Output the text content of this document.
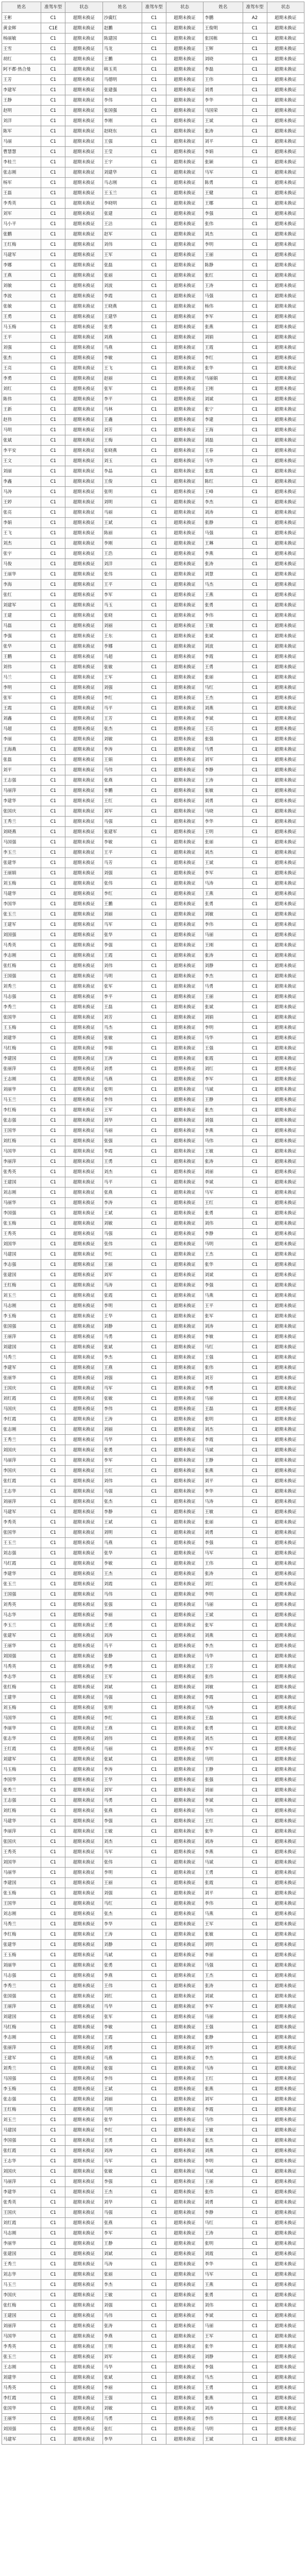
姓名	准驾车型	状态	姓名	准驾车型	状态	姓名	准驾车型	状态
王彬	C1	超期未换证	沙廣红	C1	超期未换证	李鹏	A2	超期未换证
黄金辉	C1E	超期未换证	赵鹏	C1	超期未换证	王俊明	C1	超期未换证
杨丽敏	C1	超期未换证	陈建国	C1	超期未换证	张国栋	C1	超期未换证
王雪	C1	超期未换证	马龙	C1	超期未换证	王辉	C1	超期未换证
胡红	C1	超期未换证	王鹏	C1	超期未换证	刘晓	C1	超期未换证
阿不都·热合曼	C1	超期未换证	韩玉英	C1	超期未换证	李磊	C1	超期未换证
王芳	C1	超期未换证	马德明	C1	超期未换证	王伟	C1	超期未换证
李建军	C1	超期未换证	张建强	C1	超期未换证	刘勇	C1	超期未换证
王静	C1	超期未换证	李伟	C1	超期未换证	李华	C1	超期未换证
赵明	C1	超期未换证	张国强	C1	超期未换证	马国荣	C1	超期未换证
刘洋	C1	超期未换证	李刚	C1	超期未换证	王斌	C1	超期未换证
陈军	C1	超期未换证	赵晓东	C1	超期未换证	张涛	C1	超期未换证
马丽	C1	超期未换证	王强	C1	超期未换证	刘平	C1	超期未换证
曹慧慧	C1	超期未换证	王莹	C1	超期未换证	李娟	C1	超期未换证
李桂兰	C1	超期未换证	王宇	C1	超期未换证	张颖	C1	超期未换证
张志刚	C1	超期未换证	刘建华	C1	超期未换证	马军	C1	超期未换证
杨军	C1	超期未换证	马志刚	C1	超期未换证	陈勇	C1	超期未换证
王磊	C1	超期未换证	王玉兰	C1	超期未换证	王健	C1	超期未换证
李秀英	C1	超期未换证	李晓明	C1	超期未换证	王娜	C1	超期未换证
刘军	C1	超期未换证	张建	C1	超期未换证	李强	C1	超期未换证
马小平	C1	超期未换证	王洁	C1	超期未换证	张伟	C1	超期未换证
张鹏	C1	超期未换证	赵军	C1	超期未换证	刘杰	C1	超期未换证
王红梅	C1	超期未换证	刘伟	C1	超期未换证	李明	C1	超期未换证
马建军	C1	超期未换证	王军	C1	超期未换证	王丽	C1	超期未换证
李娜	C1	超期未换证	张磊	C1	超期未换证	陈静	C1	超期未换证
王燕	C1	超期未换证	张丽	C1	超期未换证	张红	C1	超期未换证
刘敏	C1	超期未换证	刘波	C1	超期未换证	王涛	C1	超期未换证
李波	C1	超期未换证	李霞	C1	超期未换证	马强	C1	超期未换证
张敏	C1	超期未换证	王晓燕	C1	超期未换证	杨伟	C1	超期未换证
王勇	C1	超期未换证	王建华	C1	超期未换证	李军	C1	超期未换证
马玉梅	C1	超期未换证	张勇	C1	超期未换证	张燕	C1	超期未换证
王平	C1	超期未换证	刘燕	C1	超期未换证	刘娟	C1	超期未换证
刘强	C1	超期未换证	马燕	C1	超期未换证	王霞	C1	超期未换证
张杰	C1	超期未换证	李敏	C1	超期未换证	李红	C1	超期未换证
王亮	C1	超期未换证	王飞	C1	超期未换证	张华	C1	超期未换证
李勇	C1	超期未换证	赵丽	C1	超期未换证	马丽娟	C1	超期未换证
刘红	C1	超期未换证	张军	C1	超期未换证	王刚	C1	超期未换证
陈伟	C1	超期未换证	李平	C1	超期未换证	刘斌	C1	超期未换证
王新	C1	超期未换证	马林	C1	超期未换证	张宁	C1	超期未换证
赵伟	C1	超期未换证	王鑫	C1	超期未换证	李建	C1	超期未换证
马明	C1	超期未换证	刘芳	C1	超期未换证	王海	C1	超期未换证
张斌	C1	超期未换证	王梅	C1	超期未换证	刘磊	C1	超期未换证
李平安	C1	超期未换证	张晓燕	C1	超期未换证	王春	C1	超期未换证
王文	C1	超期未换证	刘玉	C1	超期未换证	马华	C1	超期未换证
刘丽	C1	超期未换证	李晶	C1	超期未换证	张霞	C1	超期未换证
李鑫	C1	超期未换证	王俊	C1	超期未换证	陈红	C1	超期未换证
马涛	C1	超期未换证	张明	C1	超期未换证	王峰	C1	超期未换证
王婷	C1	超期未换证	刘明	C1	超期未换证	李杰	C1	超期未换证
张亮	C1	超期未换证	马丽	C1	超期未换证	刘涛	C1	超期未换证
李娟	C1	超期未换证	王斌	C1	超期未换证	张静	C1	超期未换证
王飞	C1	超期未换证	陈丽	C1	超期未换证	马强	C1	超期未换证
刘杰	C1	超期未换证	李刚	C1	超期未换证	王琳	C1	超期未换证
张宇	C1	超期未换证	王浩	C1	超期未换证	李燕	C1	超期未换证
马俊	C1	超期未换证	刘洋	C1	超期未换证	张涛	C1	超期未换证
王丽华	C1	超期未换证	张伟	C1	超期未换证	刘慧	C1	超期未换证
李海	C1	超期未换证	王平	C1	超期未换证	马杰	C1	超期未换证
张红	C1	超期未换证	李军	C1	超期未换证	王燕	C1	超期未换证
刘建军	C1	超期未换证	马玉	C1	超期未换证	张勇	C1	超期未换证
王建	C1	超期未换证	张晓	C1	超期未换证	李伟	C1	超期未换证
马磊	C1	超期未换证	刘丽	C1	超期未换证	王敏	C1	超期未换证
李强	C1	超期未换证	王东	C1	超期未换证	张斌	C1	超期未换证
张华	C1	超期未换证	李娜	C1	超期未换证	刘波	C1	超期未换证
王鹏	C1	超期未换证	马超	C1	超期未换证	李霞	C1	超期未换证
刘伟	C1	超期未换证	张敏	C1	超期未换证	王勇	C1	超期未换证
马兰	C1	超期未换证	王军	C1	超期未换证	张丽	C1	超期未换证
李明	C1	超期未换证	刘强	C1	超期未换证	马红	C1	超期未换证
张军	C1	超期未换证	李红	C1	超期未换证	王杰	C1	超期未换证
王霞	C1	超期未换证	马平	C1	超期未换证	刘燕	C1	超期未换证
刘鑫	C1	超期未换证	王芳	C1	超期未换证	李斌	C1	超期未换证
马超	C1	超期未换证	张杰	C1	超期未换证	王亮	C1	超期未换证
李丽	C1	超期未换证	刘敏	C1	超期未换证	张强	C1	超期未换证
王海燕	C1	超期未换证	李涛	C1	超期未换证	马勇	C1	超期未换证
张磊	C1	超期未换证	王娟	C1	超期未换证	刘军	C1	超期未换证
刘平	C1	超期未换证	马伟	C1	超期未换证	李静	C1	超期未换证
王志强	C1	超期未换证	张燕	C1	超期未换证	王涛	C1	超期未换证
马丽萍	C1	超期未换证	李鹏	C1	超期未换证	张敏	C1	超期未换证
李建华	C1	超期未换证	王红	C1	超期未换证	刘勇	C1	超期未换证
张国庆	C1	超期未换证	刘军	C1	超期未换证	马晓	C1	超期未换证
王秀兰	C1	超期未换证	马强	C1	超期未换证	李华	C1	超期未换证
刘晓燕	C1	超期未换证	张建军	C1	超期未换证	王明	C1	超期未换证
马国强	C1	超期未换证	李敏	C1	超期未换证	张丽	C1	超期未换证
李玉兰	C1	超期未换证	王平	C1	超期未换证	刘杰	C1	超期未换证
张建华	C1	超期未换证	马芳	C1	超期未换证	王斌	C1	超期未换证
王丽娟	C1	超期未换证	刘强	C1	超期未换证	李军	C1	超期未换证
刘玉梅	C1	超期未换证	张伟	C1	超期未换证	马涛	C1	超期未换证
马建华	C1	超期未换证	李红	C1	超期未换证	王燕	C1	超期未换证
李国华	C1	超期未换证	王鹏	C1	超期未换证	张勇	C1	超期未换证
张玉兰	C1	超期未换证	刘丽	C1	超期未换证	刘敏	C1	超期未换证
王建军	C1	超期未换证	马军	C1	超期未换证	李伟	C1	超期未换证
刘国强	C1	超期未换证	张华	C1	超期未换证	马丽	C1	超期未换证
马秀英	C1	超期未换证	李强	C1	超期未换证	王刚	C1	超期未换证
李志刚	C1	超期未换证	王霞	C1	超期未换证	张涛	C1	超期未换证
张红梅	C1	超期未换证	刘伟	C1	超期未换证	刘静	C1	超期未换证
王国强	C1	超期未换证	马明	C1	超期未换证	李杰	C1	超期未换证
刘秀兰	C1	超期未换证	张军	C1	超期未换证	马勇	C1	超期未换证
马志强	C1	超期未换证	李平	C1	超期未换证	王丽	C1	超期未换证
李秀兰	C1	超期未换证	王磊	C1	超期未换证	张斌	C1	超期未换证
张国华	C1	超期未换证	刘芳	C1	超期未换证	刘娟	C1	超期未换证
王玉梅	C1	超期未换证	马杰	C1	超期未换证	李明	C1	超期未换证
刘建华	C1	超期未换证	张敏	C1	超期未换证	马华	C1	超期未换证
马红梅	C1	超期未换证	李娟	C1	超期未换证	王强	C1	超期未换证
李建国	C1	超期未换证	王涛	C1	超期未换证	张霞	C1	超期未换证
张丽萍	C1	超期未换证	刘勇	C1	超期未换证	刘红	C1	超期未换证
王志刚	C1	超期未换证	马燕	C1	超期未换证	李军	C1	超期未换证
刘丽华	C1	超期未换证	张明	C1	超期未换证	马斌	C1	超期未换证
马玉兰	C1	超期未换证	李伟	C1	超期未换证	王静	C1	超期未换证
李红梅	C1	超期未换证	王军	C1	超期未换证	张杰	C1	超期未换证
张志强	C1	超期未换证	刘华	C1	超期未换证	刘强	C1	超期未换证
王国华	C1	超期未换证	马丽	C1	超期未换证	李燕	C1	超期未换证
刘红梅	C1	超期未换证	张强	C1	超期未换证	马伟	C1	超期未换证
马国华	C1	超期未换证	李霞	C1	超期未换证	王敏	C1	超期未换证
李丽萍	C1	超期未换证	王勇	C1	超期未换证	张涛	C1	超期未换证
张秀英	C1	超期未换证	刘杰	C1	超期未换证	刘丽	C1	超期未换证
王建国	C1	超期未换证	马平	C1	超期未换证	李斌	C1	超期未换证
刘志刚	C1	超期未换证	张燕	C1	超期未换证	马军	C1	超期未换证
马丽华	C1	超期未换证	李涛	C1	超期未换证	王红	C1	超期未换证
李国强	C1	超期未换证	王斌	C1	超期未换证	张勇	C1	超期未换证
张玉梅	C1	超期未换证	刘敏	C1	超期未换证	刘伟	C1	超期未换证
王秀英	C1	超期未换证	马强	C1	超期未换证	李静	C1	超期未换证
刘国华	C1	超期未换证	张伟	C1	超期未换证	马明	C1	超期未换证
马建国	C1	超期未换证	李红	C1	超期未换证	王杰	C1	超期未换证
李志强	C1	超期未换证	王丽	C1	超期未换证	张华	C1	超期未换证
张建国	C1	超期未换证	刘军	C1	超期未换证	刘斌	C1	超期未换证
王红梅	C1	超期未换证	马涛	C1	超期未换证	李强	C1	超期未换证
刘玉兰	C1	超期未换证	张霞	C1	超期未换证	马燕	C1	超期未换证
马志刚	C1	超期未换证	李明	C1	超期未换证	王平	C1	超期未换证
李玉梅	C1	超期未换证	王华	C1	超期未换证	张军	C1	超期未换证
张国强	C1	超期未换证	刘静	C1	超期未换证	刘涛	C1	超期未换证
王丽萍	C1	超期未换证	马勇	C1	超期未换证	李敏	C1	超期未换证
刘建国	C1	超期未换证	张斌	C1	超期未换证	马红	C1	超期未换证
马秀兰	C1	超期未换证	李杰	C1	超期未换证	王强	C1	超期未换证
李建军	C1	超期未换证	王燕	C1	超期未换证	张伟	C1	超期未换证
张丽华	C1	超期未换证	刘强	C1	超期未换证	刘芳	C1	超期未换证
王国庆	C1	超期未换证	马军	C1	超期未换证	李勇	C1	超期未换证
刘红霞	C1	超期未换证	张敏	C1	超期未换证	马丽	C1	超期未换证
马国庆	C1	超期未换证	李伟	C1	超期未换证	王磊	C1	超期未换证
李红霞	C1	超期未换证	王涛	C1	超期未换证	张明	C1	超期未换证
张志刚	C1	超期未换证	刘丽	C1	超期未换证	刘杰	C1	超期未换证
王秀兰	C1	超期未换证	马华	C1	超期未换证	李霞	C1	超期未换证
刘国庆	C1	超期未换证	张勇	C1	超期未换证	马斌	C1	超期未换证
马丽萍	C1	超期未换证	李军	C1	超期未换证	王静	C1	超期未换证
李国庆	C1	超期未换证	王红	C1	超期未换证	张燕	C1	超期未换证
张红霞	C1	超期未换证	刘伟	C1	超期未换证	刘平	C1	超期未换证
王志华	C1	超期未换证	马强	C1	超期未换证	李华	C1	超期未换证
刘丽萍	C1	超期未换证	张杰	C1	超期未换证	马涛	C1	超期未换证
马建军	C1	超期未换证	李静	C1	超期未换证	王敏	C1	超期未换证
李秀英	C1	超期未换证	王斌	C1	超期未换证	张丽	C1	超期未换证
张国华	C1	超期未换证	刘明	C1	超期未换证	刘勇	C1	超期未换证
王玉兰	C1	超期未换证	马燕	C1	超期未换证	李强	C1	超期未换证
刘志强	C1	超期未换证	张华	C1	超期未换证	马军	C1	超期未换证
马红霞	C1	超期未换证	李敏	C1	超期未换证	王伟	C1	超期未换证
李建华	C1	超期未换证	王杰	C1	超期未换证	张涛	C1	超期未换证
张玉兰	C1	超期未换证	刘霞	C1	超期未换证	刘红	C1	超期未换证
王国强	C1	超期未换证	马伟	C1	超期未换证	李明	C1	超期未换证
刘秀英	C1	超期未换证	张强	C1	超期未换证	马丽	C1	超期未换证
马志华	C1	超期未换证	李丽	C1	超期未换证	王斌	C1	超期未换证
李玉兰	C1	超期未换证	王勇	C1	超期未换证	张军	C1	超期未换证
张建军	C1	超期未换证	刘涛	C1	超期未换证	刘燕	C1	超期未换证
王丽华	C1	超期未换证	马平	C1	超期未换证	李杰	C1	超期未换证
刘国强	C1	超期未换证	张静	C1	超期未换证	马华	C1	超期未换证
马秀英	C1	超期未换证	李勇	C1	超期未换证	王芳	C1	超期未换证
李志华	C1	超期未换证	王军	C1	超期未换证	张伟	C1	超期未换证
张红梅	C1	超期未换证	刘斌	C1	超期未换证	刘敏	C1	超期未换证
王建华	C1	超期未换证	马强	C1	超期未换证	李霞	C1	超期未换证
刘玉梅	C1	超期未换证	张明	C1	超期未换证	马涛	C1	超期未换证
马国华	C1	超期未换证	李红	C1	超期未换证	王磊	C1	超期未换证
李丽华	C1	超期未换证	王燕	C1	超期未换证	张勇	C1	超期未换证
张志华	C1	超期未换证	刘伟	C1	超期未换证	刘杰	C1	超期未换证
王红霞	C1	超期未换证	马丽	C1	超期未换证	李军	C1	超期未换证
刘建军	C1	超期未换证	张斌	C1	超期未换证	马明	C1	超期未换证
马玉梅	C1	超期未换证	李涛	C1	超期未换证	王静	C1	超期未换证
李国华	C1	超期未换证	王华	C1	超期未换证	张强	C1	超期未换证
张秀兰	C1	超期未换证	刘军	C1	超期未换证	刘丽	C1	超期未换证
王志强	C1	超期未换证	马勇	C1	超期未换证	李斌	C1	超期未换证
刘红梅	C1	超期未换证	张燕	C1	超期未换证	马伟	C1	超期未换证
马建华	C1	超期未换证	李强	C1	超期未换证	王红	C1	超期未换证
李丽萍	C1	超期未换证	王敏	C1	超期未换证	张华	C1	超期未换证
张国庆	C1	超期未换证	刘杰	C1	超期未换证	刘涛	C1	超期未换证
王秀英	C1	超期未换证	马军	C1	超期未换证	李燕	C1	超期未换证
刘国华	C1	超期未换证	张伟	C1	超期未换证	马斌	C1	超期未换证
马丽华	C1	超期未换证	李明	C1	超期未换证	王勇	C1	超期未换证
李建国	C1	超期未换证	王丽	C1	超期未换证	张霞	C1	超期未换证
张玉梅	C1	超期未换证	刘强	C1	超期未换证	刘平	C1	超期未换证
王国华	C1	超期未换证	马红	C1	超期未换证	李伟	C1	超期未换证
刘志刚	C1	超期未换证	张杰	C1	超期未换证	马燕	C1	超期未换证
马秀兰	C1	超期未换证	李华	C1	超期未换证	王军	C1	超期未换证
李红梅	C1	超期未换证	王涛	C1	超期未换证	张敏	C1	超期未换证
张建华	C1	超期未换证	刘静	C1	超期未换证	刘明	C1	超期未换证
王玉梅	C1	超期未换证	马斌	C1	超期未换证	李丽	C1	超期未换证
刘丽华	C1	超期未换证	张勇	C1	超期未换证	马强	C1	超期未换证
马志强	C1	超期未换证	李燕	C1	超期未换证	王杰	C1	超期未换证
李秀兰	C1	超期未换证	王伟	C1	超期未换证	张涛	C1	超期未换证
张国强	C1	超期未换证	刘红	C1	超期未换证	刘斌	C1	超期未换证
王丽萍	C1	超期未换证	马华	C1	超期未换证	李军	C1	超期未换证
刘建国	C1	超期未换证	张军	C1	超期未换证	马丽	C1	超期未换证
马红梅	C1	超期未换证	李敏	C1	超期未换证	王强	C1	超期未换证
李志刚	C1	超期未换证	王霞	C1	超期未换证	张静	C1	超期未换证
张丽萍	C1	超期未换证	刘勇	C1	超期未换证	刘华	C1	超期未换证
王建军	C1	超期未换证	马燕	C1	超期未换证	李杰	C1	超期未换证
刘秀兰	C1	超期未换证	张强	C1	超期未换证	马涛	C1	超期未换证
马国强	C1	超期未换证	李伟	C1	超期未换证	王红	C1	超期未换证
李玉梅	C1	超期未换证	王斌	C1	超期未换证	张燕	C1	超期未换证
张志强	C1	超期未换证	刘丽	C1	超期未换证	刘军	C1	超期未换证
王红梅	C1	超期未换证	马明	C1	超期未换证	李霞	C1	超期未换证
刘玉兰	C1	超期未换证	张华	C1	超期未换证	马伟	C1	超期未换证
马建国	C1	超期未换证	李红	C1	超期未换证	王敏	C1	超期未换证
李国强	C1	超期未换证	王勇	C1	超期未换证	张杰	C1	超期未换证
张红霞	C1	超期未换证	刘涛	C1	超期未换证	刘燕	C1	超期未换证
王志华	C1	超期未换证	马军	C1	超期未换证	李明	C1	超期未换证
刘国庆	C1	超期未换证	张敏	C1	超期未换证	马斌	C1	超期未换证
马丽萍	C1	超期未换证	李强	C1	超期未换证	王丽	C1	超期未换证
李建华	C1	超期未换证	王杰	C1	超期未换证	张伟	C1	超期未换证
张秀英	C1	超期未换证	刘华	C1	超期未换证	刘勇	C1	超期未换证
王国庆	C1	超期未换证	马强	C1	超期未换证	李静	C1	超期未换证
刘红霞	C1	超期未换证	张燕	C1	超期未换证	马红	C1	超期未换证
马志刚	C1	超期未换证	李军	C1	超期未换证	王涛	C1	超期未换证
李丽华	C1	超期未换证	王静	C1	超期未换证	张明	C1	超期未换证
张建国	C1	超期未换证	刘斌	C1	超期未换证	刘霞	C1	超期未换证
王秀兰	C1	超期未换证	马涛	C1	超期未换证	李华	C1	超期未换证
刘志华	C1	超期未换证	张丽	C1	超期未换证	马军	C1	超期未换证
马玉兰	C1	超期未换证	李杰	C1	超期未换证	王燕	C1	超期未换证
李国庆	C1	超期未换证	王敏	C1	超期未换证	张勇	C1	超期未换证
张红梅	C1	超期未换证	刘强	C1	超期未换证	刘伟	C1	超期未换证
王建国	C1	超期未换证	马伟	C1	超期未换证	李斌	C1	超期未换证
刘丽萍	C1	超期未换证	张涛	C1	超期未换证	马丽	C1	超期未换证
马国华	C1	超期未换证	李燕	C1	超期未换证	王军	C1	超期未换证
李秀英	C1	超期未换证	王明	C1	超期未换证	张华	C1	超期未换证
张玉兰	C1	超期未换证	刘军	C1	超期未换证	刘静	C1	超期未换证
王志刚	C1	超期未换证	马华	C1	超期未换证	李强	C1	超期未换证
刘建华	C1	超期未换证	张斌	C1	超期未换证	马杰	C1	超期未换证
马秀英	C1	超期未换证	李丽	C1	超期未换证	王勇	C1	超期未换证
李红霞	C1	超期未换证	王强	C1	超期未换证	张燕	C1	超期未换证
张国华	C1	超期未换证	刘敏	C1	超期未换证	刘涛	C1	超期未换证
王丽华	C1	超期未换证	马勇	C1	超期未换证	李伟	C1	超期未换证
刘国强	C1	超期未换证	张红	C1	超期未换证	马明	C1	超期未换证
马建军	C1	超期未换证	李华	C1	超期未换证	王斌	C1	超期未换证
